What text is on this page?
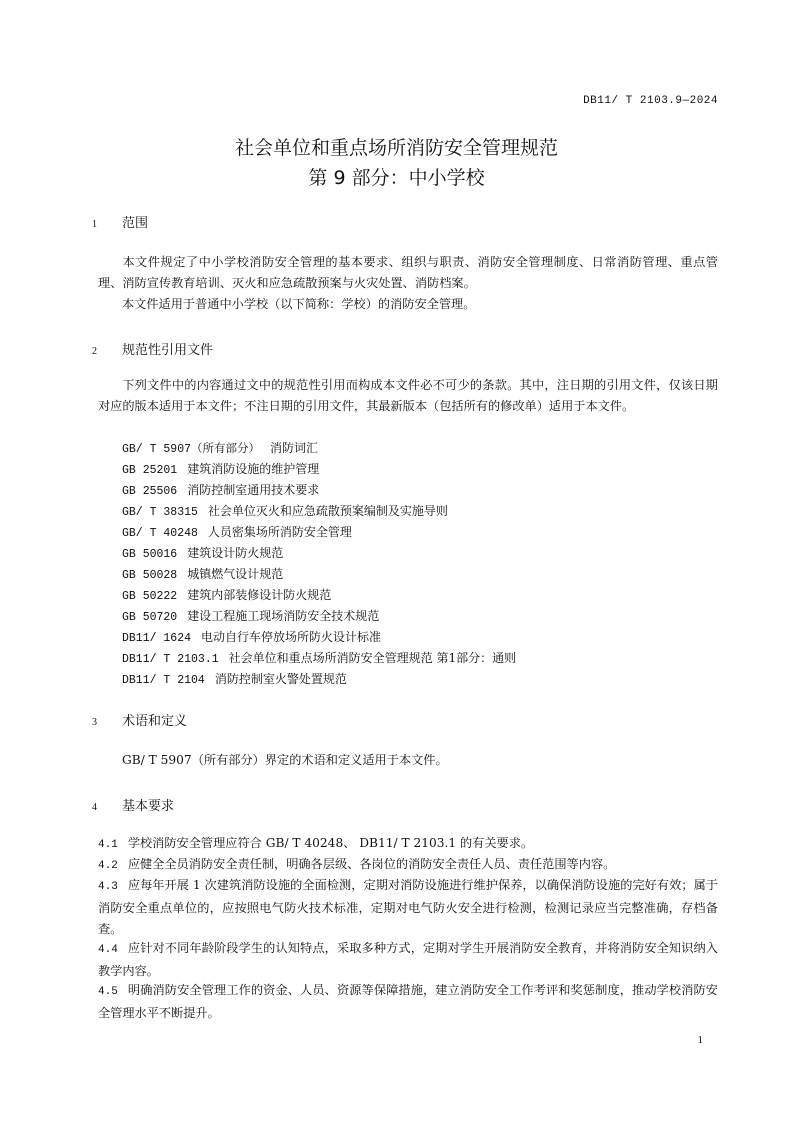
DB11/ T 2103.9—2024
社会单位和重点场所消防安全管理规范
第 9 部分：中小学校
1 范围
本文件规定了中小学校消防安全管理的基本要求、组织与职责、消防安全管理制度、日常消防管理、重点管理、消防宣传教育培训、灭火和应急疏散预案与火灾处置、消防档案。
本文件适用于普通中小学校（以下简称：学校）的消防安全管理。
2 规范性引用文件
下列文件中的内容通过文中的规范性引用而构成本文件必不可少的条款。其中，注日期的引用文件，仅该日期对应的版本适用于本文件；不注日期的引用文件，其最新版本（包括所有的修改单）适用于本文件。
GB/ T 5907（所有部分） 消防词汇
GB 25201 建筑消防设施的维护管理
GB 25506 消防控制室通用技术要求
GB/ T 38315 社会单位灭火和应急疏散预案编制及实施导则
GB/ T 40248 人员密集场所消防安全管理
GB 50016 建筑设计防火规范
GB 50028 城镇燃气设计规范
GB 50222 建筑内部装修设计防火规范
GB 50720 建设工程施工现场消防安全技术规范
DB11/ 1624 电动自行车停放场所防火设计标准
DB11/ T 2103.1 社会单位和重点场所消防安全管理规范 第1部分：通则
DB11/ T 2104 消防控制室火警处置规范
3 术语和定义
GB/ T 5907（所有部分）界定的术语和定义适用于本文件。
4 基本要求
4.1 学校消防安全管理应符合 GB/ T 40248、 DB11/ T 2103.1 的有关要求。
4.2 应健全全员消防安全责任制，明确各层级、各岗位的消防安全责任人员、责任范围等内容。
4.3 应每年开展 1 次建筑消防设施的全面检测，定期对消防设施进行维护保养，以确保消防设施的完好有效；属于消防安全重点单位的，应按照电气防火技术标准，定期对电气防火安全进行检测，检测记录应当完整准确，存档备查。
4.4 应针对不同年龄阶段学生的认知特点，采取多种方式，定期对学生开展消防安全教育，并将消防安全知识纳入教学内容。
4.5 明确消防安全管理工作的资金、人员、资源等保障措施，建立消防安全工作考评和奖惩制度，推动学校消防安全管理水平不断提升。
1
